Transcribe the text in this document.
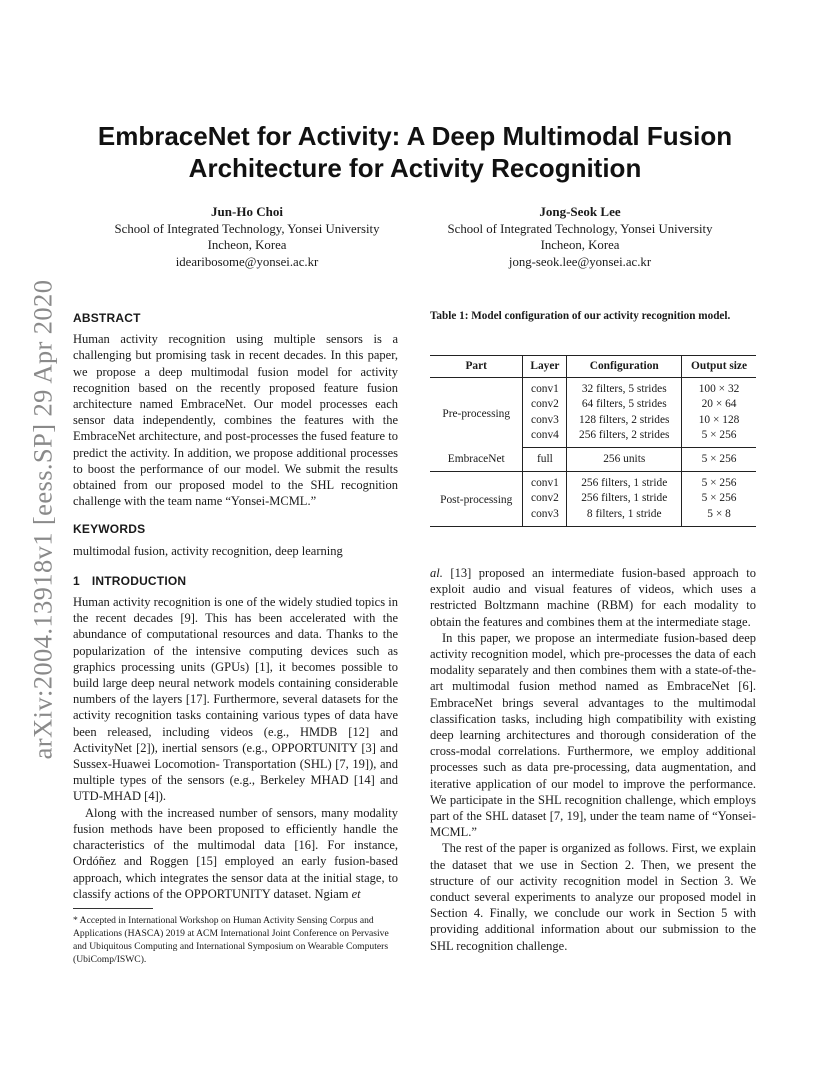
arXiv:2004.13918v1 [eess.SP] 29 Apr 2020
EmbraceNet for Activity: A Deep Multimodal Fusion
Architecture for Activity Recognition
Jun-Ho Choi
School of Integrated Technology, Yonsei University
Incheon, Korea
idearibosome@yonsei.ac.kr
Jong-Seok Lee
School of Integrated Technology, Yonsei University
Incheon, Korea
jong-seok.lee@yonsei.ac.kr
ABSTRACT

Human activity recognition using multiple sensors is a challenging but promising task in recent decades. In this paper, we propose a deep multimodal fusion model for activity recognition based on the recently proposed feature fusion architecture named EmbraceNet. Our model processes each sensor data independently, combines the features with the EmbraceNet architecture, and post-processes the fused feature to predict the activity. In addition, we propose additional processes to boost the performance of our model. We submit the results obtained from our proposed model to the SHL recognition challenge with the team name “Yonsei-MCML.”

KEYWORDS

multimodal fusion, activity recognition, deep learning

1 INTRODUCTION

Human activity recognition is one of the widely studied topics in the recent decades [9]. This has been accelerated with the abundance of computational resources and data. Thanks to the popularization of the intensive computing devices such as graphics processing units (GPUs) [1], it becomes possible to build large deep neural network models containing considerable numbers of the layers [17]. Furthermore, several datasets for the activity recognition tasks containing various types of data have been released, including videos (e.g., HMDB [12] and ActivityNet [2]), inertial sensors (e.g., OPPORTUNITY [3] and Sussex-Huawei Locomotion- Transportation (SHL) [7, 19]), and multiple types of the sensors (e.g., Berkeley MHAD [14] and UTD-MHAD [4]).

Along with the increased number of sensors, many modality fusion methods have been proposed to efficiently handle the characteristics of the multimodal data [16]. For instance, Ordóñez and Roggen [15] employed an early fusion-based approach, which integrates the sensor data at the initial stage, to classify actions of the OPPORTUNITY dataset. Ngiam et

* Accepted in International Workshop on Human Activity Sensing Corpus and Applications (HASCA) 2019 at ACM International Joint Conference on Pervasive and Ubiquitous Computing and International Symposium on Wearable Computers (UbiComp/ISWC).
Table 1: Model configuration of our activity recognition model.
Part	Layer	Configuration	Output size
Pre-processing	conv1	32 filters, 5 strides	100 × 32
	conv2	64 filters, 5 strides	20 × 64
	conv3	128 filters, 2 strides	10 × 128
	conv4	256 filters, 2 strides	5 × 256
EmbraceNet	full	256 units	5 × 256
Post-processing	conv1	256 filters, 1 stride	5 × 256
	conv2	256 filters, 1 stride	5 × 256
	conv3	8 filters, 1 stride	5 × 8

al. [13] proposed an intermediate fusion-based approach to exploit audio and visual features of videos, which uses a restricted Boltzmann machine (RBM) for each modality to obtain the features and combines them at the intermediate stage.

In this paper, we propose an intermediate fusion-based deep activity recognition model, which pre-processes the data of each modality separately and then combines them with a state-of-the-art multimodal fusion method named as EmbraceNet [6]. EmbraceNet brings several advantages to the multimodal classification tasks, including high compatibility with existing deep learning architectures and thorough consideration of the cross-modal correlations. Furthermore, we employ additional processes such as data pre-processing, data augmentation, and iterative application of our model to improve the performance. We participate in the SHL recognition challenge, which employs part of the SHL dataset [7, 19], under the team name of “Yonsei-MCML.”

The rest of the paper is organized as follows. First, we explain the dataset that we use in Section 2. Then, we present the structure of our activity recognition model in Section 3. We conduct several experiments to analyze our proposed model in Section 4. Finally, we conclude our work in Section 5 with providing additional information about our submission to the SHL recognition challenge.
